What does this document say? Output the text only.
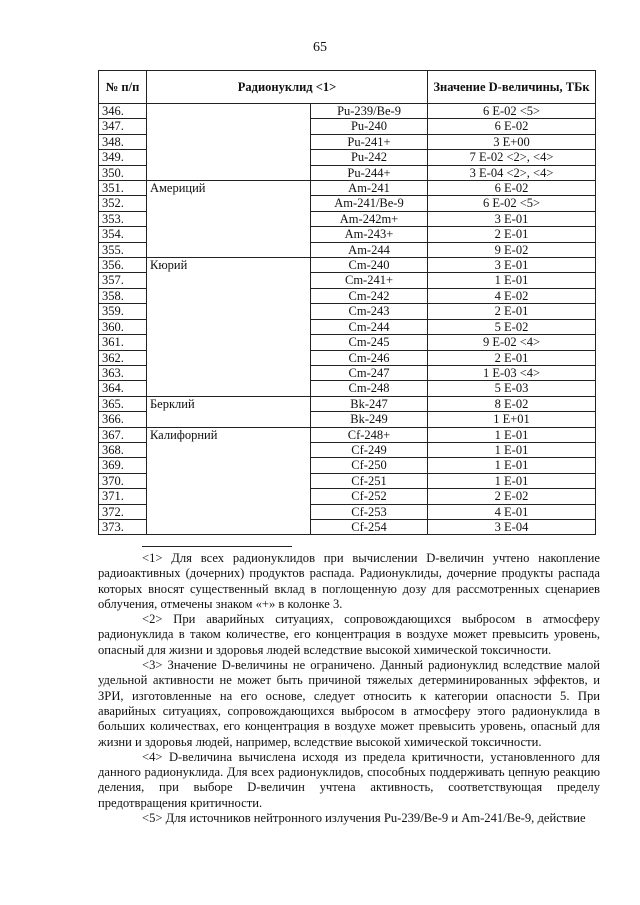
65
№ п/п	Радионуклид <1>		Значение D-величины, ТБк
346.		Pu-239/Be-9	6 E-02 <5>
347.		Pu-240	6 E-02
348.		Pu-241+	3 E+00
349.		Pu-242	7 E-02 <2>, <4>
350.		Pu-244+	3 E-04 <2>, <4>
351.	Америций	Am-241	6 E-02
352.		Am-241/Be-9	6 E-02 <5>
353.		Am-242m+	3 E-01
354.		Am-243+	2 E-01
355.		Am-244	9 E-02
356.	Кюрий	Cm-240	3 E-01
357.		Cm-241+	1 E-01
358.		Cm-242	4 E-02
359.		Cm-243	2 E-01
360.		Cm-244	5 E-02
361.		Cm-245	9 E-02 <4>
362.		Cm-246	2 E-01
363.		Cm-247	1 E-03 <4>
364.		Cm-248	5 E-03
365.	Берклий	Bk-247	8 E-02
366.		Bk-249	1 E+01
367.	Калифорний	Cf-248+	1 E-01
368.		Cf-249	1 E-01
369.		Cf-250	1 E-01
370.		Cf-251	1 E-01
371.		Cf-252	2 E-02
372.		Cf-253	4 E-01
373.		Cf-254	3 E-04

<1> Для всех радионуклидов при вычислении D-величин учтено накопление радиоактивных (дочерних) продуктов распада. Радионуклиды, дочерние продукты распада которых вносят существенный вклад в поглощенную дозу для рассмотренных сценариев облучения, отмечены знаком «+» в колонке 3.

<2> При аварийных ситуациях, сопровождающихся выбросом в атмосферу радионуклида в таком количестве, его концентрация в воздухе может превысить уровень, опасный для жизни и здоровья людей вследствие высокой химической токсичности.

<3> Значение D-величины не ограничено. Данный радионуклид вследствие малой удельной активности не может быть причиной тяжелых детерминированных эффектов, и ЗРИ, изготовленные на его основе, следует относить к категории опасности 5. При аварийных ситуациях, сопровождающихся выбросом в атмосферу этого радионуклида в больших количествах, его концентрация в воздухе может превысить уровень, опасный для жизни и здоровья людей, например, вследствие высокой химической токсичности.

<4> D-величина вычислена исходя из предела критичности, установленного для данного радионуклида. Для всех радионуклидов, способных поддерживать цепную реакцию деления, при выборе D-величин учтена активность, соответствующая пределу предотвращения критичности.

<5> Для источников нейтронного излучения Pu-239/Be-9 и Am-241/Be-9, действие
